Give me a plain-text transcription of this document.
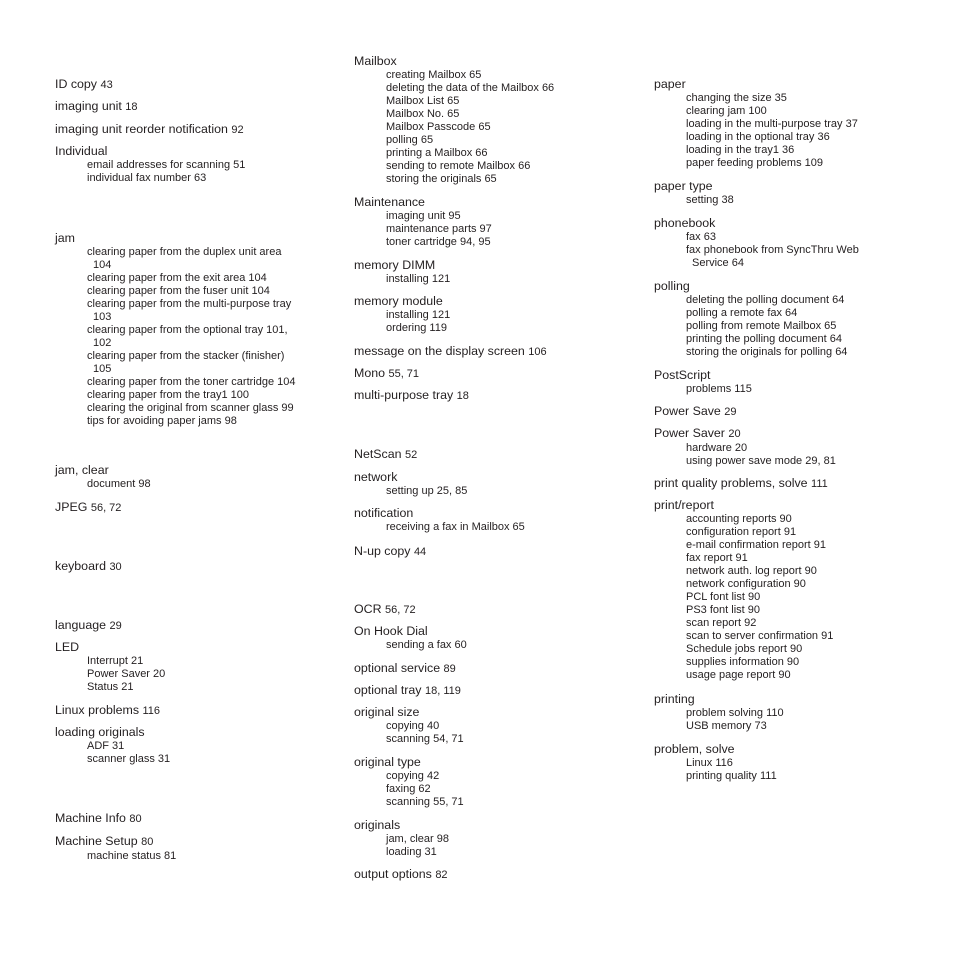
ID copy 43
imaging unit 18
imaging unit reorder notification 92
Individual
email addresses for scanning 51
individual fax number 63
jam
clearing paper from the duplex unit area 104
clearing paper from the exit area 104
clearing paper from the fuser unit 104
clearing paper from the multi-purpose tray 103
clearing paper from the optional tray 101, 102
clearing paper from the stacker (finisher) 105
clearing paper from the toner cartridge 104
clearing paper from the tray1 100
clearing the original from scanner glass 99
tips for avoiding paper jams 98
jam, clear
document 98
JPEG 56, 72
keyboard 30
language 29
LED
Interrupt 21
Power Saver 20
Status 21
Linux problems 116
loading originals
ADF 31
scanner glass 31
Machine Info 80
Machine Setup 80
machine status 81
Mailbox
creating Mailbox 65
deleting the data of the Mailbox 66
Mailbox List 65
Mailbox No. 65
Mailbox Passcode 65
polling 65
printing a Mailbox 66
sending to remote Mailbox 66
storing the originals 65
Maintenance
imaging unit 95
maintenance parts 97
toner cartridge 94, 95
memory DIMM
installing 121
memory module
installing 121
ordering 119
message on the display screen 106
Mono 55, 71
multi-purpose tray 18
NetScan 52
network
setting up 25, 85
notification
receiving a fax in Mailbox 65
N-up copy 44
OCR 56, 72
On Hook Dial
sending a fax 60
optional service 89
optional tray 18, 119
original size
copying 40
scanning 54, 71
original type
copying 42
faxing 62
scanning 55, 71
originals
jam, clear 98
loading 31
output options 82
paper
changing the size 35
clearing jam 100
loading in the multi-purpose tray 37
loading in the optional tray 36
loading in the tray1 36
paper feeding problems 109
paper type
setting 38
phonebook
fax 63
fax phonebook from SyncThru Web Service 64
polling
deleting the polling document 64
polling a remote fax 64
polling from remote Mailbox 65
printing the polling document 64
storing the originals for polling 64
PostScript
problems 115
Power Save 29
Power Saver 20
hardware 20
using power save mode 29, 81
print quality problems, solve 111
print/report
accounting reports 90
configuration report 91
e-mail confirmation report 91
fax report 91
network auth. log report 90
network configuration 90
PCL font list 90
PS3 font list 90
scan report 92
scan to server confirmation 91
Schedule jobs report 90
supplies information 90
usage page report 90
printing
problem solving 110
USB memory 73
problem, solve
Linux 116
printing quality 111
